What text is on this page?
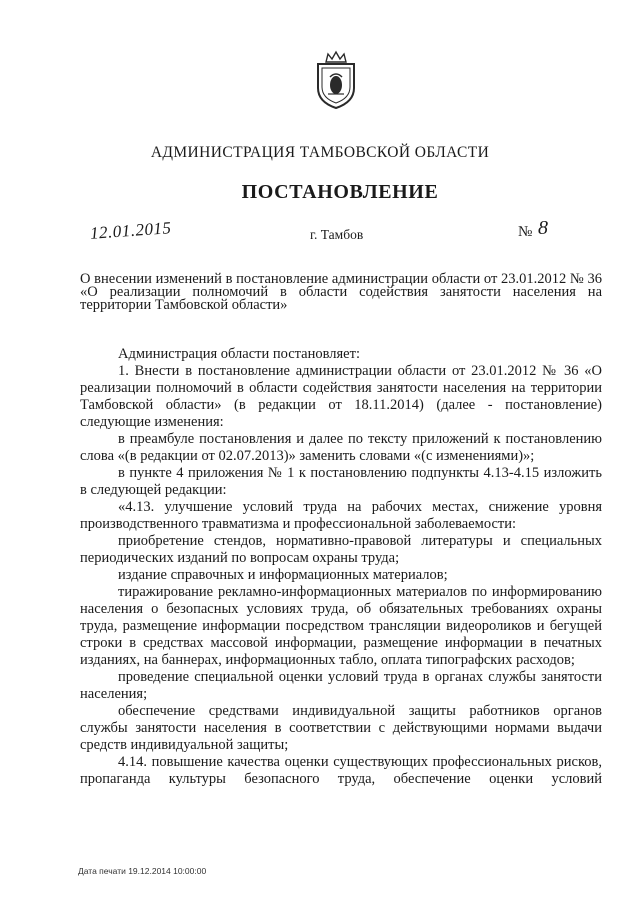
АДМИНИСТРАЦИЯ ТАМБОВСКОЙ ОБЛАСТИ
ПОСТАНОВЛЕНИЕ
12.01.2015	г. Тамбов	№ 8
О внесении изменений в постановление администрации области от 23.01.2012 № 36 «О реализации полномочий в области содействия занятости населения на территории Тамбовской области»

Администрация области постановляет:

1. Внести в постановление администрации области от 23.01.2012 № 36 «О реализации полномочий в области содействия занятости населения на территории Тамбовской области» (в редакции от 18.11.2014) (далее - постановление) следующие изменения:

в преамбуле постановления и далее по тексту приложений к постановлению слова «(в редакции от 02.07.2013)» заменить словами «(с изменениями)»;

в пункте 4 приложения № 1 к постановлению подпункты 4.13-4.15 изложить в следующей редакции:

«4.13. улучшение условий труда на рабочих местах, снижение уровня производственного травматизма и профессиональной заболеваемости:

приобретение стендов, нормативно-правовой литературы и специальных периодических изданий по вопросам охраны труда;

издание справочных и информационных материалов;

тиражирование рекламно-информационных материалов по информированию населения о безопасных условиях труда, об обязательных требованиях охраны труда, размещение информации посредством трансляции видеороликов и бегущей строки в средствах массовой информации, размещение информации в печатных изданиях, на баннерах, информационных табло, оплата типографских расходов;

проведение специальной оценки условий труда в органах службы занятости населения;

обеспечение средствами индивидуальной защиты работников органов службы занятости населения в соответствии с действующими нормами выдачи средств индивидуальной защиты;

4.14. повышение качества оценки существующих профессиональных рисков, пропаганда культуры безопасного труда, обеспечение оценки условий

Дата печати 19.12.2014 10:00:00
